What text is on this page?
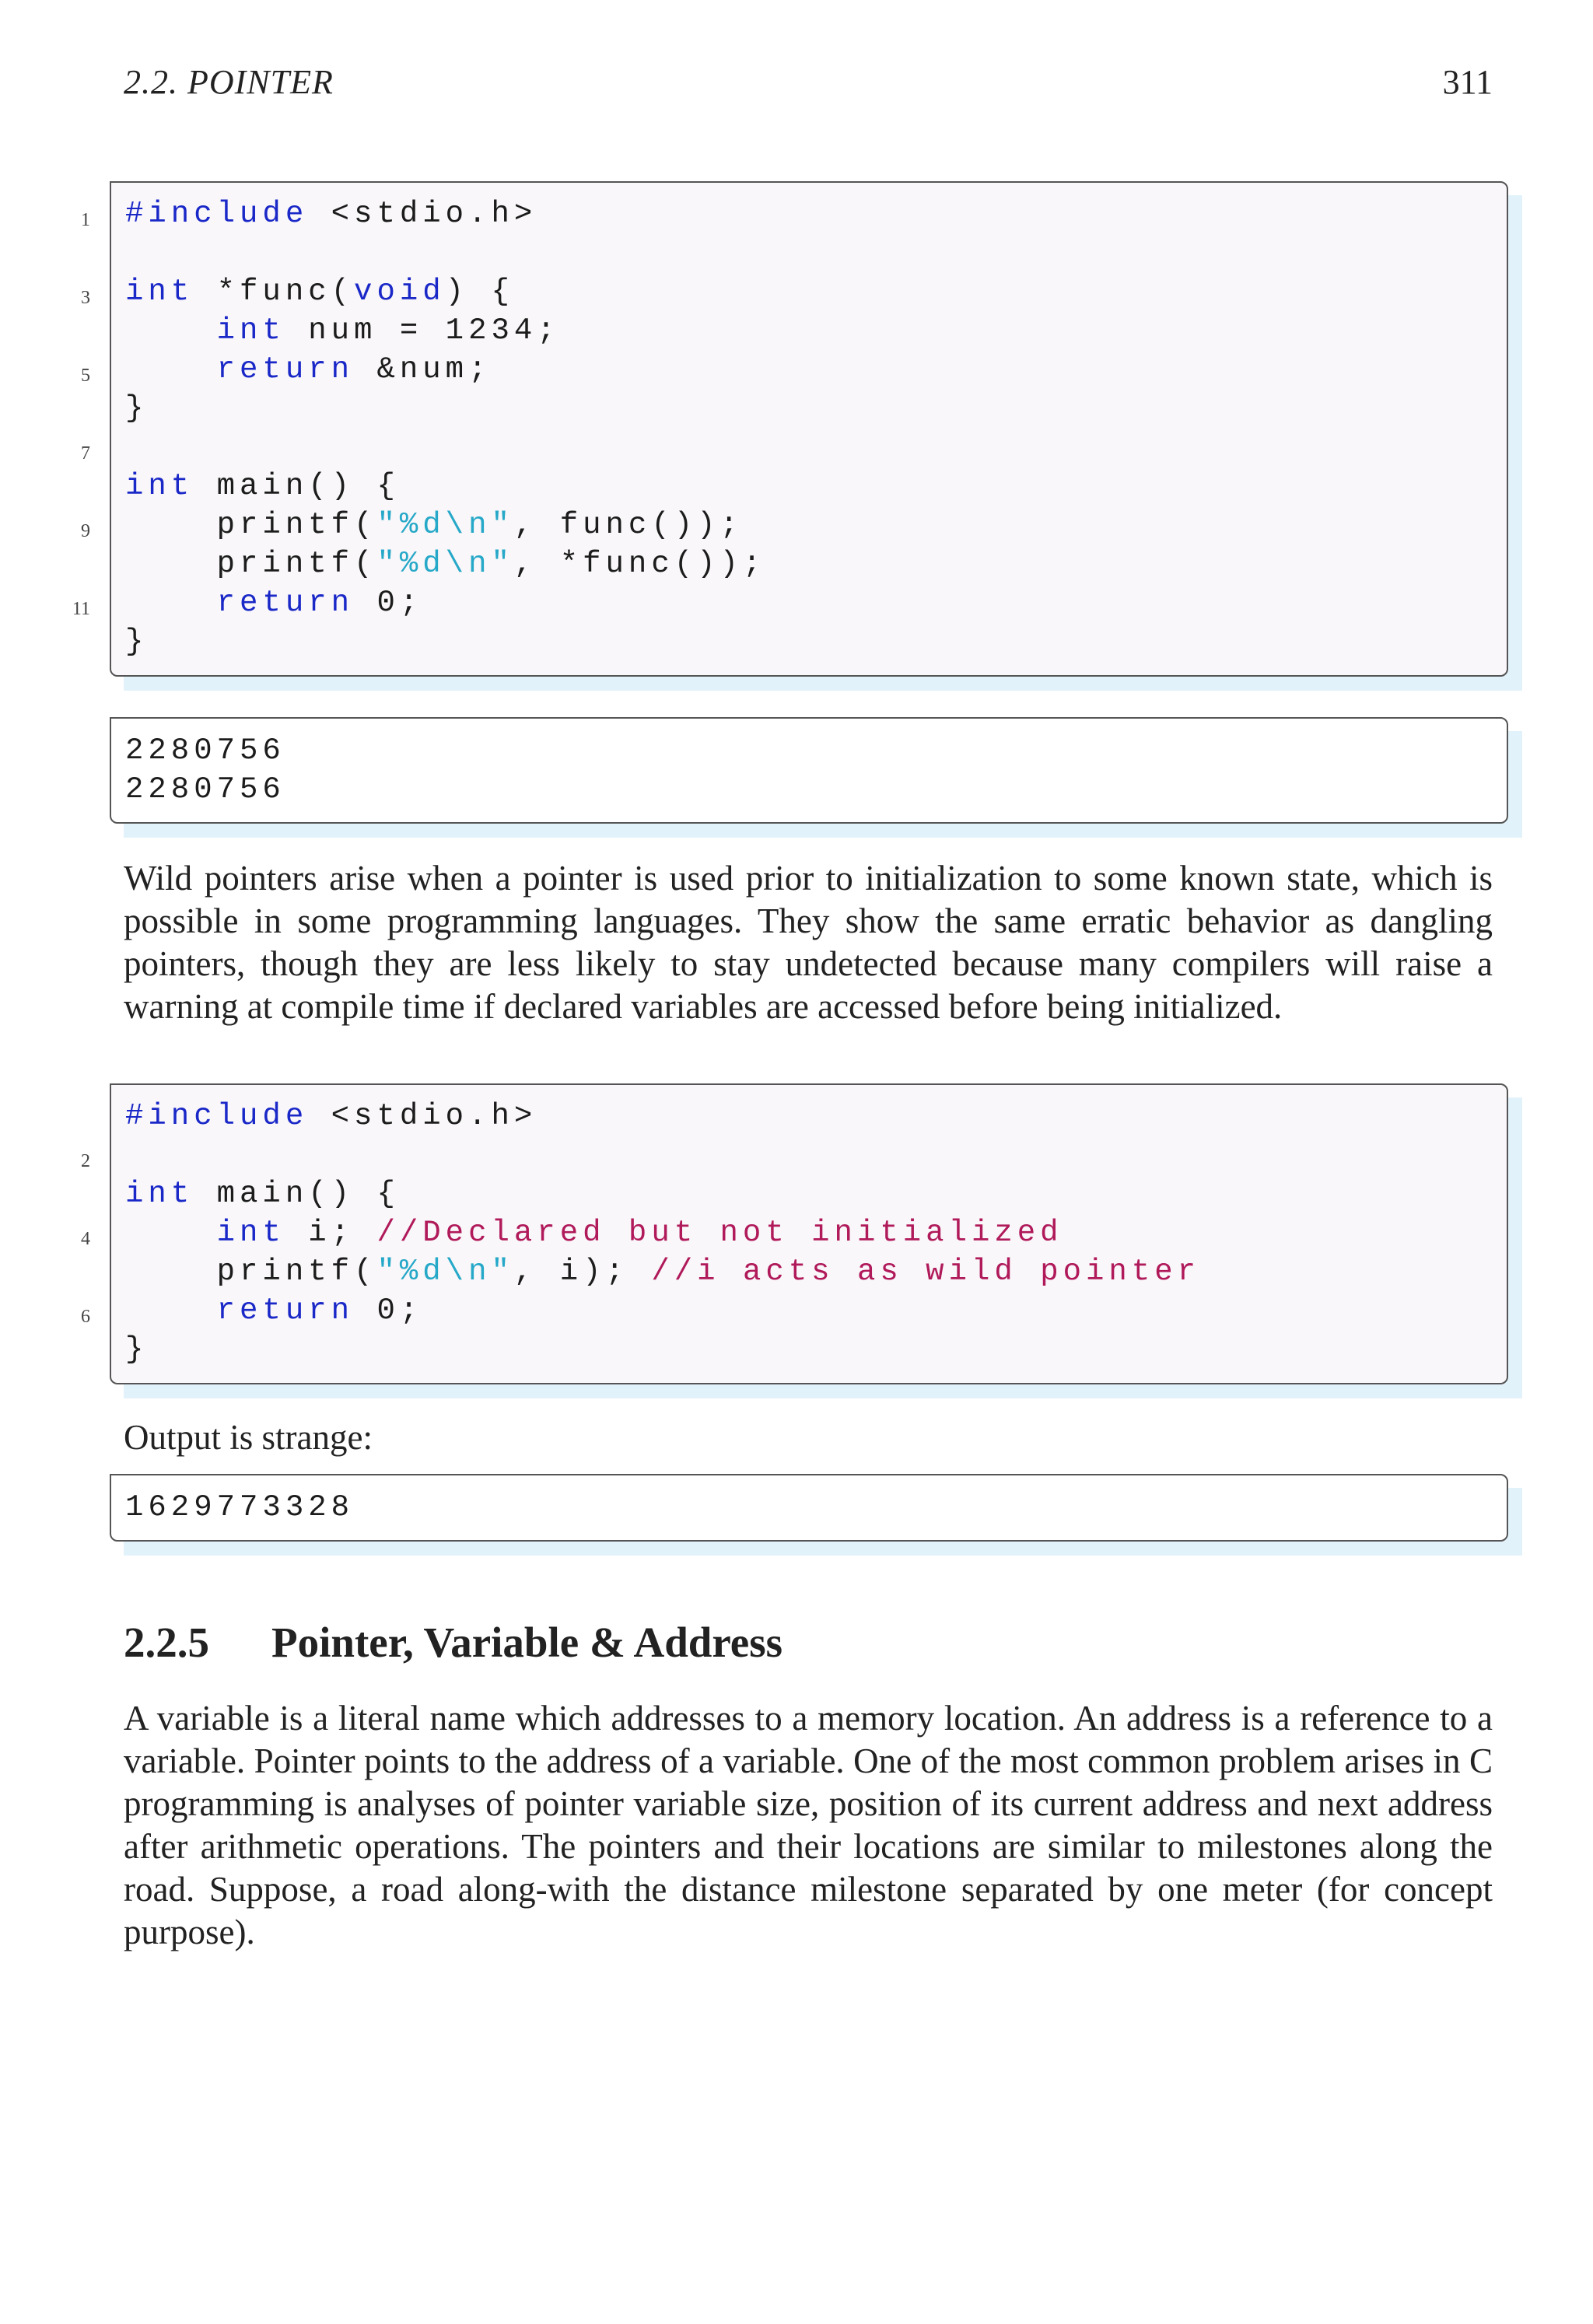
2.2. POINTER	311
#include <stdio.h>
1
int *func(void) {
3
int num = 1234;
return &num;
5
}
7
int main() {
printf("%d\n", func());
9
printf("%d\n", *func());
return 0;
11
}
2280756
2280756
Wild pointers arise when a pointer is used prior to initialization to some known state, which is possible in some programming languages. They show the same erratic behavior as dangling pointers, though they are less likely to stay undetected because many compilers will raise a warning at compile time if declared variables are accessed before being initialized.
#include <stdio.h>
2
int main() {
int i; //Declared but not initialized
4
printf("%d\n", i); //i acts as wild pointer
return 0;
6
}
Output is strange:
1629773328
2.2.5 Pointer, Variable & Address
A variable is a literal name which addresses to a memory location. An address is a reference to a variable. Pointer points to the address of a variable. One of the most common problem arises in C programming is analyses of pointer variable size, position of its current address and next address after arithmetic operations. The pointers and their locations are similar to milestones along the road. Suppose, a road along-with the distance milestone separated by one meter (for concept purpose).
